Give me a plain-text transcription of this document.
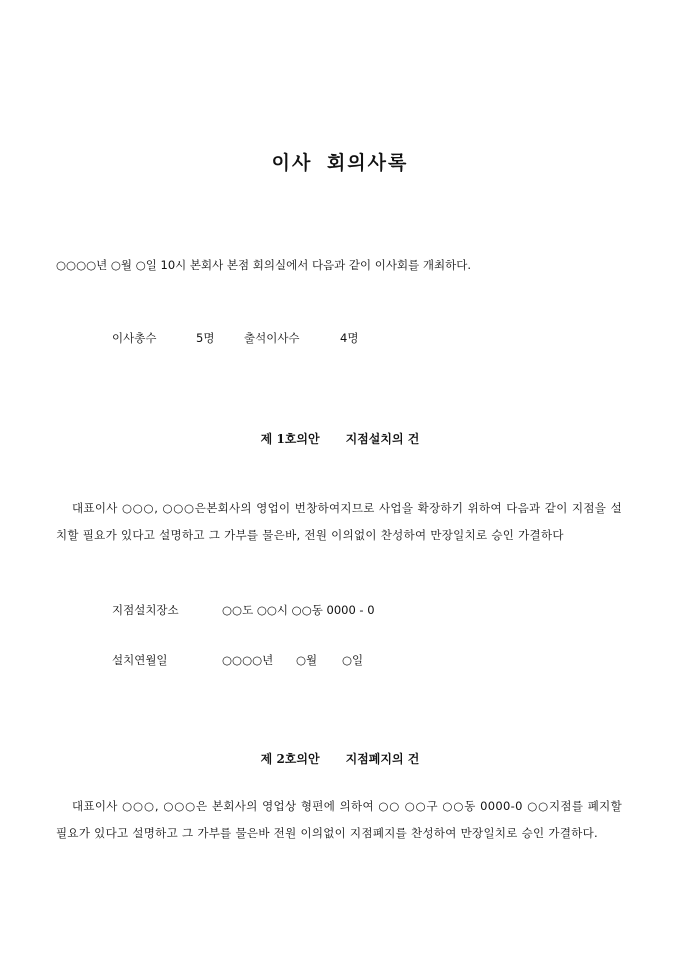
이사 회의사록
○○○○년 ○월 ○일 10시 본회사 본점 회의실에서 다음과 같이 이사회를 개최하다.
이사총수	5명	출석이사수	4명
제 1호의안 지점설치의 건
대표이사 ○○○, ○○○은본회사의 영업이 번창하여지므로 사업을 확장하기 위하여 다음과 같이 지점을 설치할 필요가 있다고 설명하고 그 가부를 물은바, 전원 이의없이 찬성하여 만장일치로 승인 가결하다
지점설치장소	○○도 ○○시 ○○동 0000 - 0
설치연월일	○○○○년 ○월 ○일
제 2호의안 지점폐지의 건
대표이사 ○○○, ○○○은 본회사의 영업상 형편에 의하여 ○○ ○○구 ○○동 0000-0 ○○지점를 폐지할 필요가 있다고 설명하고 그 가부를 물은바 전원 이의없이 지점폐지를 찬성하여 만장일치로 승인 가결하다.
